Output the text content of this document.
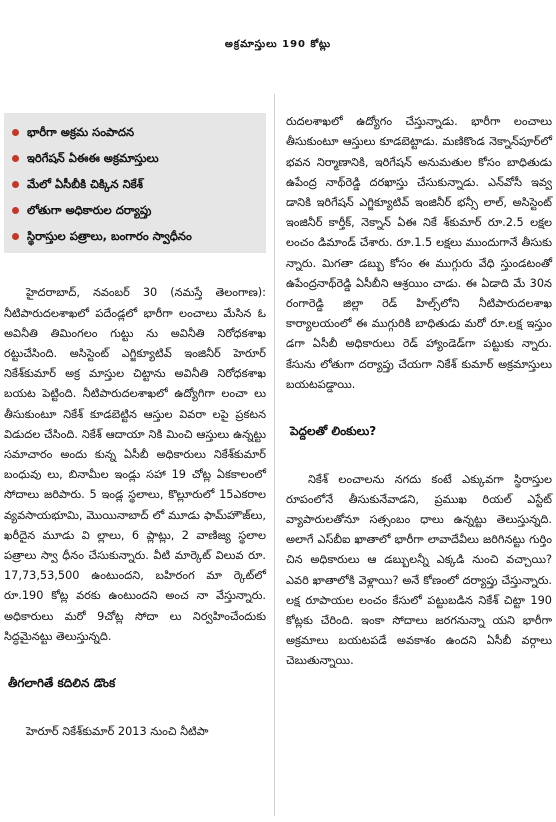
అక్రమాస్తులు 190 కోట్లు

భారీగా అక్రమ సంపాదన
ఇరిగేషన్ ఏఈఈ అక్రమాస్తులు
మేలో ఏసీబీకి చిక్కిన నికేశ్
లోతుగా అధికారుల దర్యాప్తు
స్థిరాస్తుల పత్రాలు, బంగారం స్వాధీనం

హైదరాబాద్, నవంబర్ 30 (నమస్తే తెలంగాణ): నీటిపారుదలశాఖలో పదేండ్లలో భారీగా లంచాలు మేసిన ఓ అవినీతి తిమింగలం గుట్టు ను అవినీతి నిరోధకశాఖ రట్టుచేసింది. అసిస్టెంట్ ఎగ్జిక్యూటివ్ ఇంజినీర్ హెరూర్ నికేశ్‌కుమార్ అక్ర మాస్తుల చిట్టాను అవినీతి నిరోధకశాఖ బయట పెట్టింది. నీటిపారుదలశాఖలో ఉద్యోగిగా లంచా లు తీసుకుంటూ నికేశ్ కూడబెట్టిన ఆస్తుల వివరా లపై ప్రకటన విడుదల చేసింది. నికేశ్ ఆదాయా నికి మించి ఆస్తులు ఉన్నట్టు సమాచారం అందు కున్న ఏసీబీ అధికారులు నికేశ్‌కుమార్ బంధువు లు, బినామీల ఇండ్లు సహా 19 చోట్ల ఏకకాలంలో సోదాలు జరిపారు. 5 ఇండ్ల స్థలాలు, కొల్లూరులో 15ఎకరాల వ్యవసాయభూమి, మొయినాబాద్ లో మూడు ఫామ్‌హౌజ్‌లు, ఖరీదైన మూడు వి ల్లాలు, 6 ప్లాట్లు, 2 వాణిజ్య స్థలాల పత్రాలు స్వా ధీనం చేసుకున్నారు. వీటి మార్కెట్ విలువ రూ. 17,73,53,500 ఉంటుందని, బహిరంగ మా ర్కెట్‌లో రూ.190 కోట్ల వరకు ఉంటుందని అంచ నా వేస్తున్నారు. అధికారులు మరో 9చోట్ల సోదా లు నిర్వహించేందుకు సిద్ధమైనట్టు తెలుస్తున్నది.

తీగలాగితే కదిలిన డొంక

హెరూర్ నికేశ్‌కుమార్ 2013 నుంచి నీటిపా

రుదలశాఖలో ఉద్యోగం చేస్తున్నాడు. భారీగా లంచాలు తీసుకుంటూ ఆస్తులు కూడబెట్టాడు. మణికొండ నెక్నాన్‌పూర్‌లో భవన నిర్మాణానికి, ఇరిగేషన్ అనుమతుల కోసం బాధితుడు ఉపేంద్ర నాథ్‌రెడ్డి దరఖాస్తు చేసుకున్నాడు. ఎన్‌వోసీ ఇవ్వ డానికి ఇరిగేషన్ ఎగ్జిక్యూటివ్ ఇంజినీర్ భన్సీ లాల్, అసిస్టెంట్ ఇంజినీర్ కార్తీక్, నెక్నాన్ ఏఈ నికే శ్‌కుమార్ రూ.2.5 లక్షల లంచం డిమాండ్ చేశారు. రూ.1.5 లక్షలు ముందుగానే తీసుకు న్నారు. మిగతా డబ్బు కోసం ఈ ముగ్గురు వేధి స్తుండటంతో ఉపేంద్రనాథ్‌రెడ్డి ఏసీబీని ఆశ్రయిం చాడు. ఈ ఏడాది మే 30న రంగారెడ్డి జిల్లా రెడ్ హిల్స్‌లోని నీటిపారుదలశాఖ కార్యాలయంలో ఈ ముగ్గురికి బాధితుడు మరో రూ.లక్ష ఇస్తుం డగా ఏసీబీ అధికారులు రెడ్ హ్యాండెడ్‌గా పట్టుకు న్నారు. కేసును లోతుగా దర్యాప్తు చేయగా నికేశ్ కుమార్ అక్రమాస్తులు బయటపడ్డాయి.

పెద్దలతో లింకులు?

నికేశ్ లంచాలను నగదు కంటే ఎక్కువగా స్థిరాస్తుల రూపంలోనే తీసుకునేవాడని, ప్రముఖ రియల్ ఎస్టేట్ వ్యాపారులతోనూ సత్సంబం ధాలు ఉన్నట్టు తెలుస్తున్నది. అలాగే ఎస్‌బీఐ ఖాతాలో భారీగా లావాదేవీలు జరిగినట్టు గుర్తిం చిన అధికారులు ఆ డబ్బులన్నీ ఎక్కడి నుంచి వచ్చాయి? ఎవరి ఖాతాలోకి వెళ్లాయి? అనే కోణంలో దర్యాప్తు చేస్తున్నారు. లక్ష రూపాయల లంచం కేసులో పట్టుబడిన నికేశ్ చిట్టా 190 కోట్లకు చేరింది. ఇంకా సోదాలు జరగనున్నా యని భారీగా అక్రమాలు బయటపడే అవకాశం ఉందని ఏసీబీ వర్గాలు చెబుతున్నాయి.
